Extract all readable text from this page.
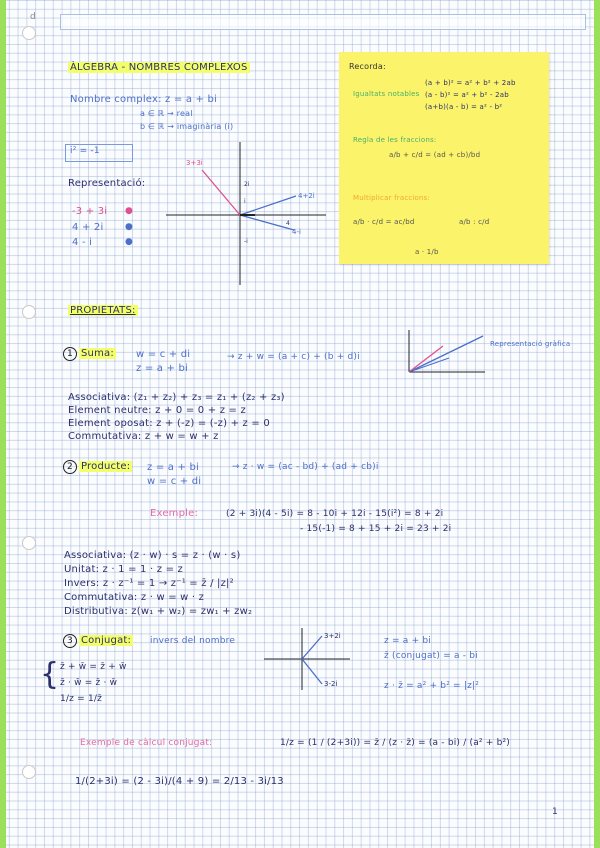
d
ÀLGEBRA - NOMBRES COMPLEXOS
Nombre complex: z = a + bi
a ∈ ℝ → real
b ∈ ℝ → imaginària (i)
i² = -1
Representació:
-3 + 3i
4 + 2i
4 - i
●
●
●
3+3i
4+2i
4-i
2i
i
-i
4
Recorda:
Igualtats notables
(a + b)² = a² + b² + 2ab
(a - b)² = a² + b² - 2ab
(a+b)(a - b) = a² - b²
Regla de les fraccions:
a/b + c/d = (ad + cb)/bd
Multiplicar fraccions:
a/b · c/d = ac/bd	a/b : c/d
a · 1/b
PROPIETATS:
1 Suma: w = c + di
z = a + bi
→ z + w = (a + c) + (b + d)i
Representació gràfica
Associativa: (z₁ + z₂) + z₃ = z₁ + (z₂ + z₃)
Element neutre: z + 0 = 0 + z = z
Element oposat: z + (-z) = (-z) + z = 0
Commutativa: z + w = w + z
2 Producte: z = a + bi
w = c + di
→ z · w = (ac - bd) + (ad + cb)i
Exemple:	(2 + 3i)(4 - 5i) = 8 - 10i + 12i - 15(i²) = 8 + 2i
- 15(-1) = 8 + 15 + 2i = 23 + 2i
Associativa: (z · w) · s = z · (w · s)
Unitat: z · 1 = 1 · z = z
Invers: z · z⁻¹ = 1 → z⁻¹ = z̄ / |z|²
Commutativa: z · w = w · z
Distributiva: z(w₁ + w₂) = zw₁ + zw₂
3 Conjugat: invers del nombre	3+2i
3-2i
z = a + bi
z̄ (conjugat) = a - bi
z · z̄ = a² + b² = |z|²
{ z̄ + w̄ = z̄ + w̄
z̄ · w̄ = z̄ · w̄
1/z = 1/z̄
Exemple de càlcul conjugat:	1/z = (1 / (2+3i)) = z̄ / (z · z̄) = (a - bi) / (a² + b²)
1/(2+3i) = (2 - 3i)/(4 + 9) = 2/13 - 3i/13
1
